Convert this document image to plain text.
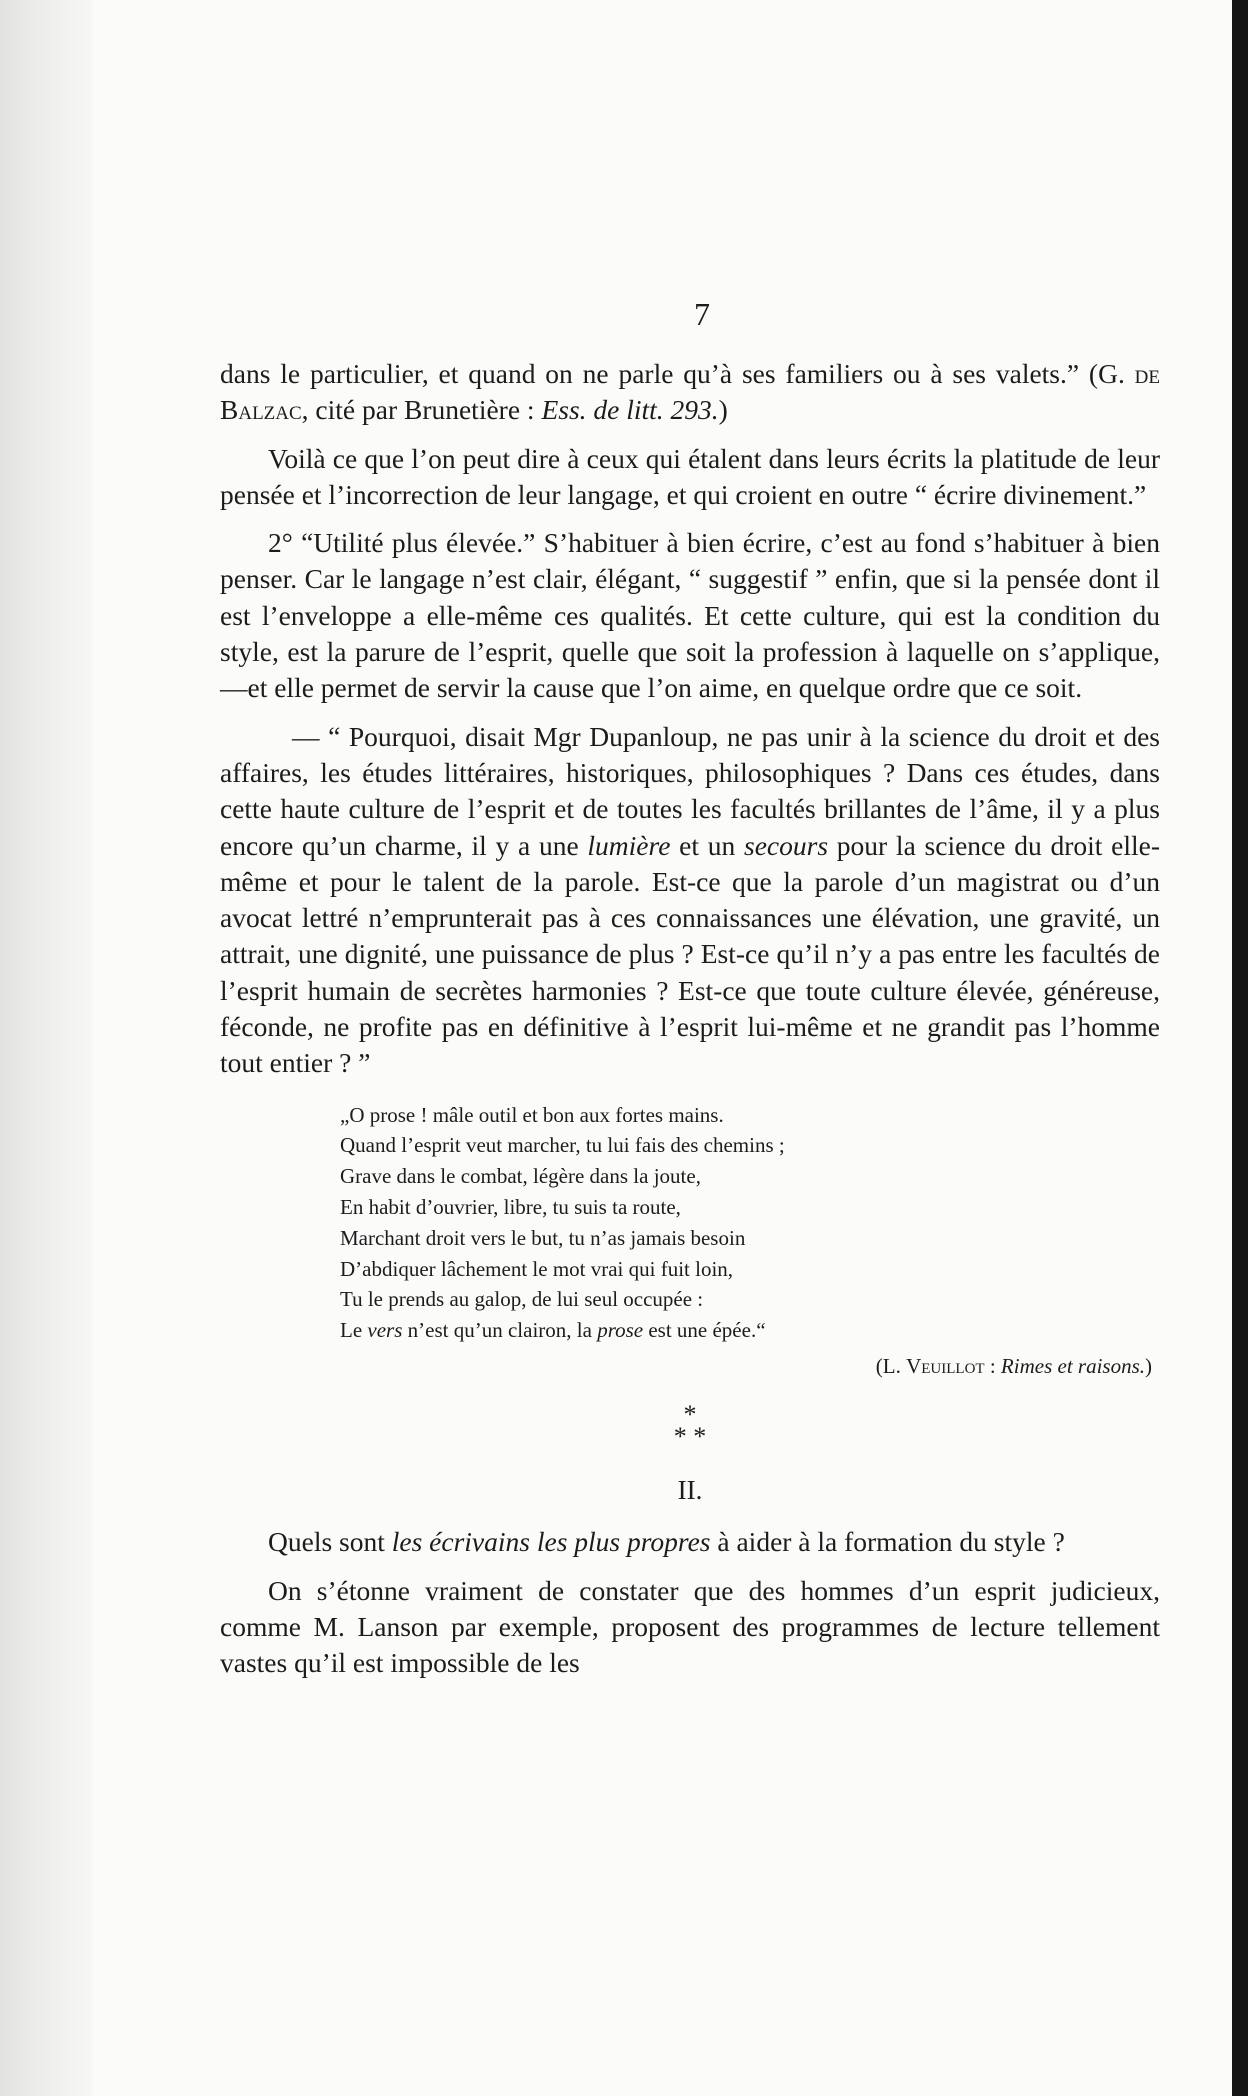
7

dans le particulier, et quand on ne parle qu’à ses familiers ou à ses valets.” (G. de Balzac, cité par Brunetière : Ess. de litt. 293.)

Voilà ce que l’on peut dire à ceux qui étalent dans leurs écrits la platitude de leur pensée et l’incorrection de leur langage, et qui croient en outre “ écrire divinement.”

2° “Utilité plus élevée.” S’habituer à bien écrire, c’est au fond s’habituer à bien penser. Car le langage n’est clair, élégant, “ suggestif ” enfin, que si la pensée dont il est l’enveloppe a elle-même ces qualités. Et cette culture, qui est la condition du style, est la parure de l’esprit, quelle que soit la profession à laquelle on s’applique,—et elle permet de servir la cause que l’on aime, en quelque ordre que ce soit.

— “ Pourquoi, disait Mgr Dupanloup, ne pas unir à la science du droit et des affaires, les études littéraires, historiques, philosophiques ? Dans ces études, dans cette haute culture de l’esprit et de toutes les facultés brillantes de l’âme, il y a plus encore qu’un charme, il y a une lumière et un secours pour la science du droit elle-même et pour le talent de la parole. Est-ce que la parole d’un magistrat ou d’un avocat lettré n’emprunterait pas à ces connaissances une élévation, une gravité, un attrait, une dignité, une puissance de plus ? Est-ce qu’il n’y a pas entre les facultés de l’esprit humain de secrètes harmonies ? Est-ce que toute culture élevée, généreuse, féconde, ne profite pas en définitive à l’esprit lui-même et ne grandit pas l’homme tout entier ? ”

„O prose ! mâle outil et bon aux fortes mains.
Quand l’esprit veut marcher, tu lui fais des chemins ;
Grave dans le combat, légère dans la joute,
En habit d’ouvrier, libre, tu suis ta route,
Marchant droit vers le but, tu n’as jamais besoin
D’abdiquer lâchement le mot vrai qui fuit loin,
Tu le prends au galop, de lui seul occupée :
Le vers n’est qu’un clairon, la prose est une épée.“
(L. Veuillot : Rimes et raisons.)
*
* *
II.

Quels sont les écrivains les plus propres à aider à la formation du style ?

On s’étonne vraiment de constater que des hommes d’un esprit judicieux, comme M. Lanson par exemple, proposent des programmes de lecture tellement vastes qu’il est impossible de les
